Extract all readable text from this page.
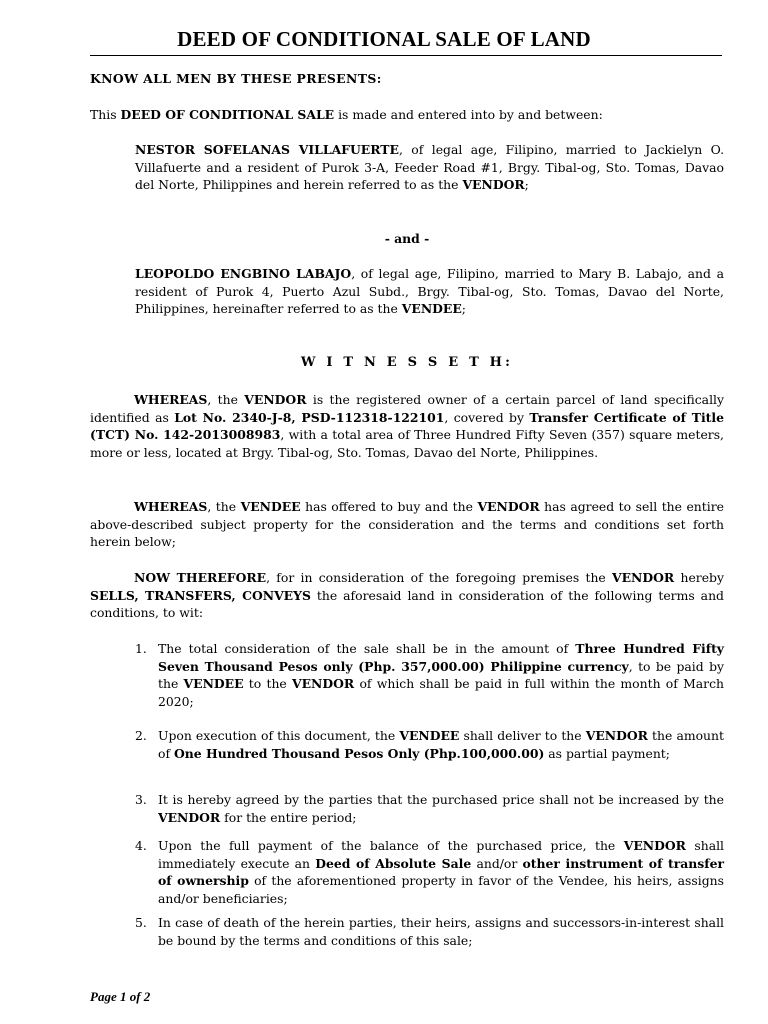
DEED OF CONDITIONAL SALE OF LAND
KNOW ALL MEN BY THESE PRESENTS:
This DEED OF CONDITIONAL SALE is made and entered into by and between:
NESTOR SOFELANAS VILLAFUERTE, of legal age, Filipino, married to Jackielyn O. Villafuerte and a resident of Purok 3-A, Feeder Road #1, Brgy. Tibal-og, Sto. Tomas, Davao del Norte, Philippines and herein referred to as the VENDOR;
- and -
LEOPOLDO ENGBINO LABAJO, of legal age, Filipino, married to Mary B. Labajo, and a resident of Purok 4, Puerto Azul Subd., Brgy. Tibal-og, Sto. Tomas, Davao del Norte, Philippines, hereinafter referred to as the VENDEE;
W I T N E S S E T H:
WHEREAS, the VENDOR is the registered owner of a certain parcel of land specifically identified as Lot No. 2340-J-8, PSD-112318-122101, covered by Transfer Certificate of Title (TCT) No. 142-2013008983, with a total area of Three Hundred Fifty Seven (357) square meters, more or less, located at Brgy. Tibal-og, Sto. Tomas, Davao del Norte, Philippines.
WHEREAS, the VENDEE has offered to buy and the VENDOR has agreed to sell the entire above-described subject property for the consideration and the terms and conditions set forth herein below;
NOW THEREFORE, for in consideration of the foregoing premises the VENDOR hereby SELLS, TRANSFERS, CONVEYS the aforesaid land in consideration of the following terms and conditions, to wit:
1. The total consideration of the sale shall be in the amount of Three Hundred Fifty Seven Thousand Pesos only (Php. 357,000.00) Philippine currency, to be paid by the VENDEE to the VENDOR of which shall be paid in full within the month of March 2020;
2. Upon execution of this document, the VENDEE shall deliver to the VENDOR the amount of One Hundred Thousand Pesos Only (Php.100,000.00) as partial payment;
3. It is hereby agreed by the parties that the purchased price shall not be increased by the VENDOR for the entire period;
4. Upon the full payment of the balance of the purchased price, the VENDOR shall immediately execute an Deed of Absolute Sale and/or other instrument of transfer of ownership of the aforementioned property in favor of the Vendee, his heirs, assigns and/or beneficiaries;
5. In case of death of the herein parties, their heirs, assigns and successors-in-interest shall be bound by the terms and conditions of this sale;
Page 1 of 2
